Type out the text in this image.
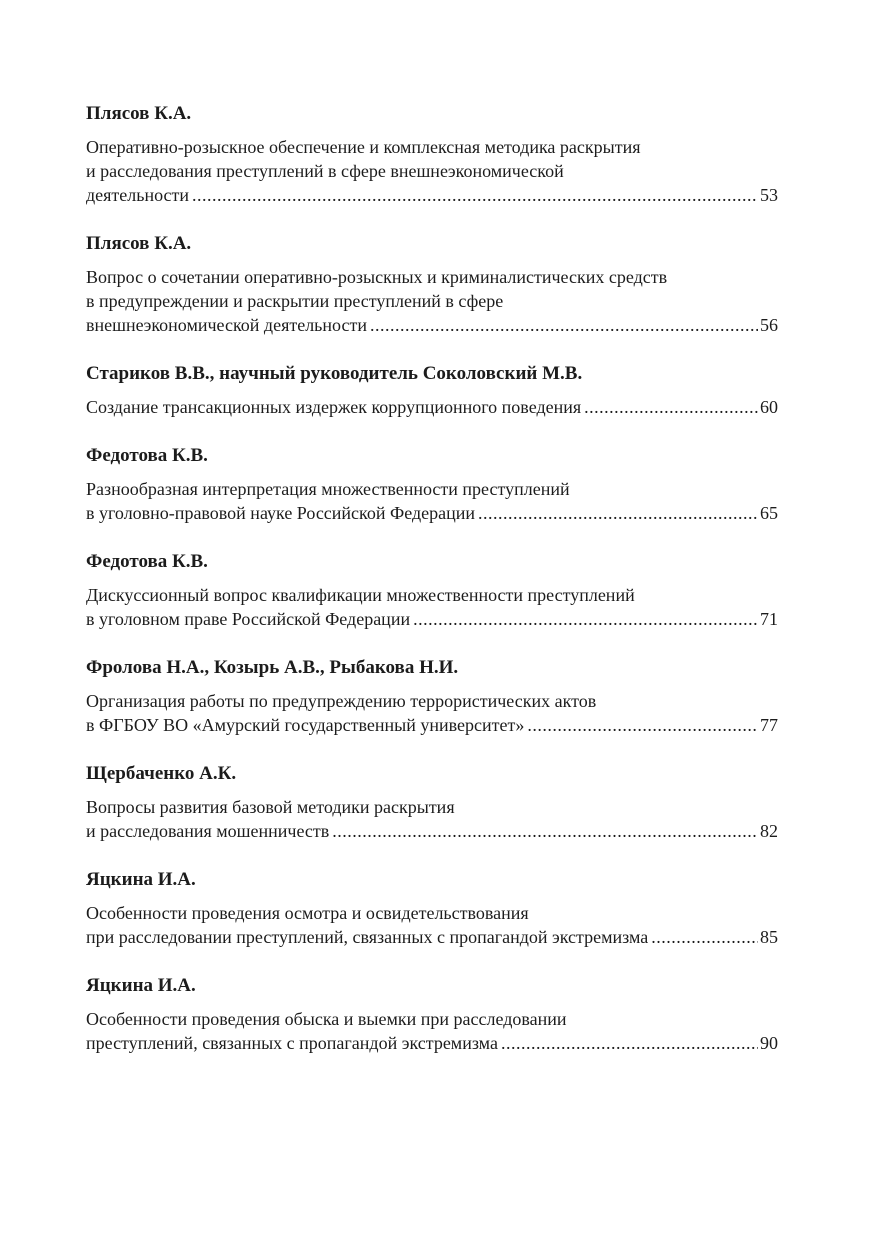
Плясов К.А.

Оперативно-розыскное обеспечение и комплексная методика раскрытия
и расследования преступлений в сфере внешнеэкономической
деятельности .....	53

Плясов К.А.

Вопрос о сочетании оперативно-розыскных и криминалистических средств
в предупреждении и раскрытии преступлений в сфере
внешнеэкономической деятельности .....	56

Стариков В.В., научный руководитель Соколовский М.В.

Создание трансакционных издержек коррупционного поведения .....	60

Федотова К.В.

Разнообразная интерпретация множественности преступлений
в уголовно-правовой науке Российской Федерации .....	65

Федотова К.В.

Дискуссионный вопрос квалификации множественности преступлений
в уголовном праве Российской Федерации .....	71

Фролова Н.А., Козырь А.В., Рыбакова Н.И.

Организация работы по предупреждению террористических актов
в ФГБОУ ВО «Амурский государственный университет» .....	77

Щербаченко А.К.

Вопросы развития базовой методики раскрытия
и расследования мошенничеств .....	82

Яцкина И.А.

Особенности проведения осмотра и освидетельствования
при расследовании преступлений, связанных с пропагандой экстремизма .....	85

Яцкина И.А.

Особенности проведения обыска и выемки при расследовании
преступлений, связанных с пропагандой экстремизма .....	90
